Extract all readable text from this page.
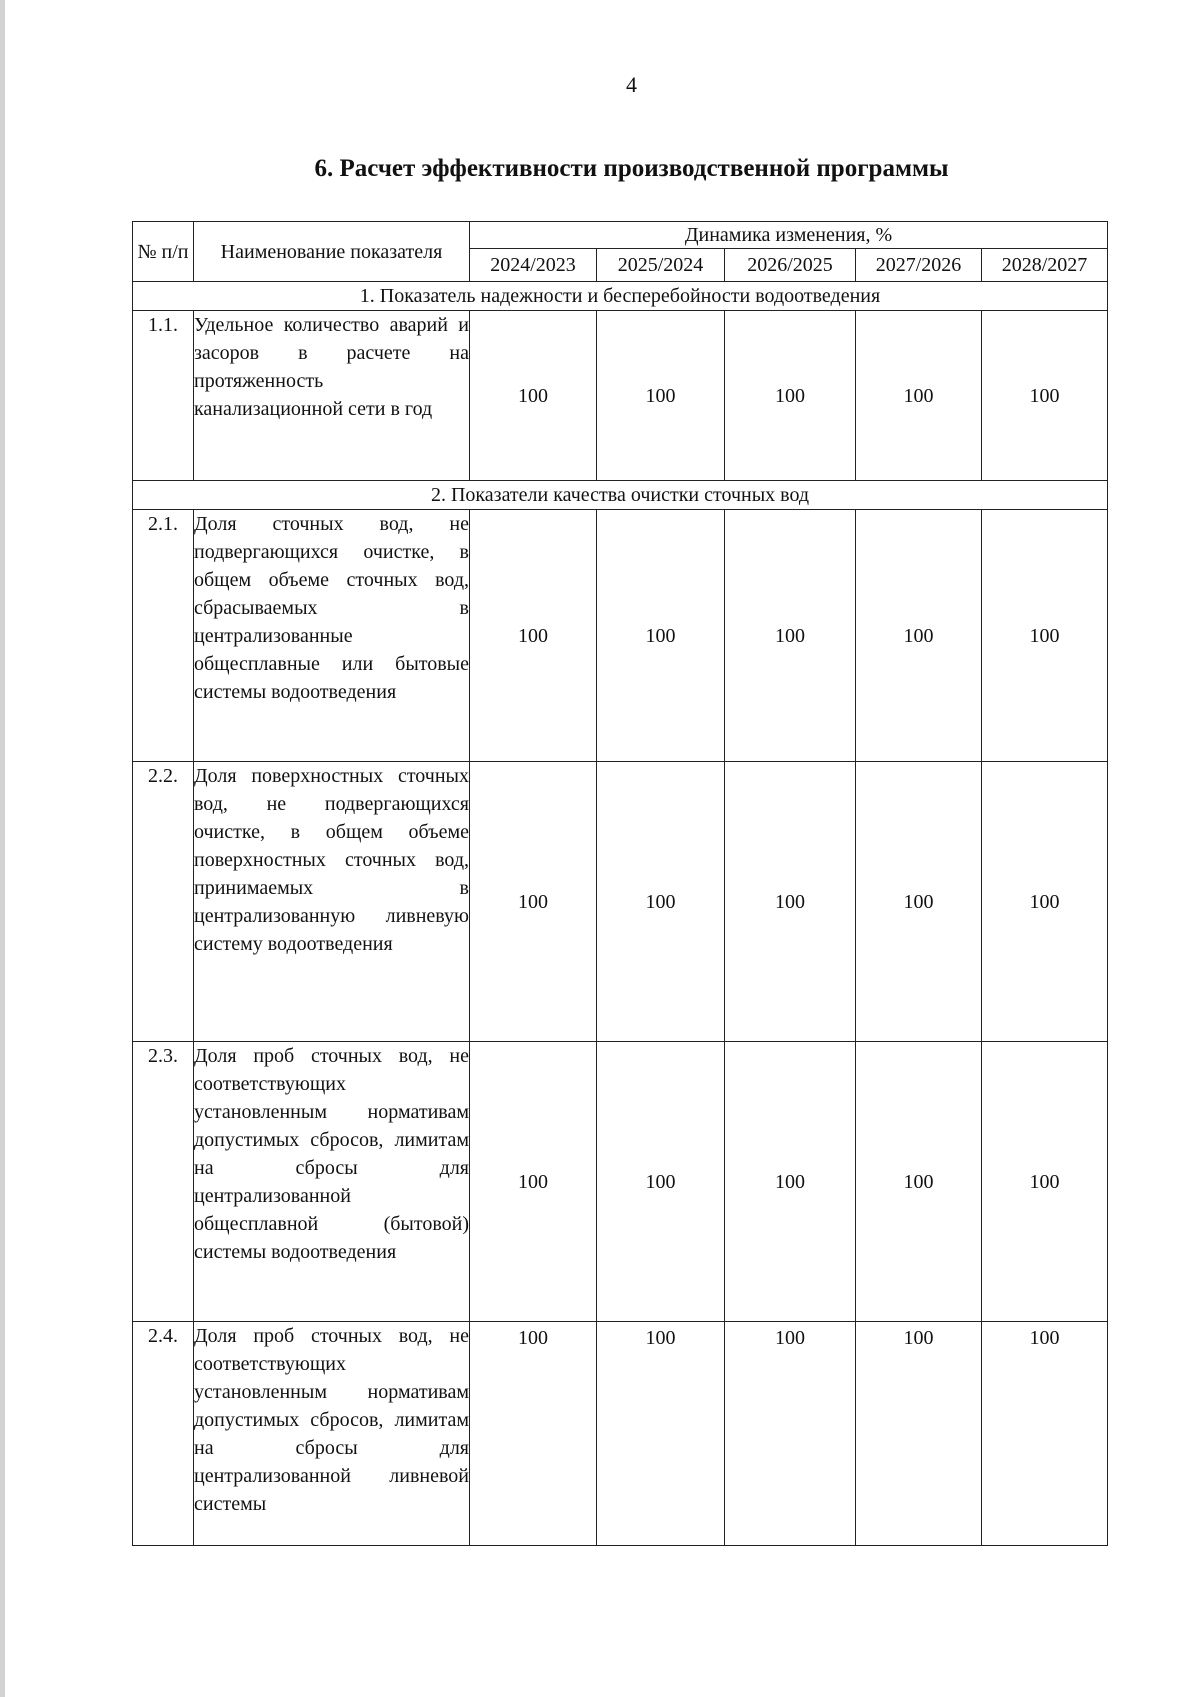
4
6. Расчет эффективности производственной программы
№ п/п	Наименование показателя	Динамика изменения, %				
		2024/2023	2025/2024	2026/2025	2027/2026	2028/2027
1. Показатель надежности и бесперебойности водоотведения						
1.1.	Удельное количество аварий и засоров в расчете на протяженность канализационной сети в год	100	100	100	100	100
2. Показатели качества очистки сточных вод						
2.1.	Доля сточных вод, не подвергающихся очистке, в общем объеме сточных вод, сбрасываемых в централизованные общесплавные или бытовые системы водоотведения	100	100	100	100	100
2.2.	Доля поверхностных сточных вод, не подвергающихся очистке, в общем объеме поверхностных сточных вод, принимаемых в централизованную ливневую систему водоотведения	100	100	100	100	100
2.3.	Доля проб сточных вод, не соответствующих установленным нормативам допустимых сбросов, лимитам на сбросы для централизованной общесплавной (бытовой) системы водоотведения	100	100	100	100	100
2.4.	Доля проб сточных вод, не соответствующих установленным нормативам допустимых сбросов, лимитам на сбросы для централизованной ливневой системы	100	100	100	100	100
